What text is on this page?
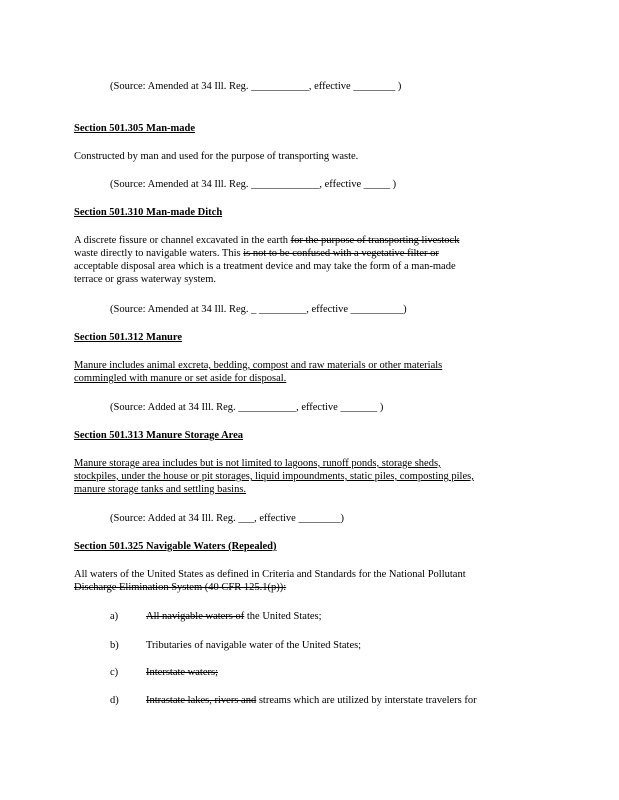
(Source: Amended at 34 Ill. Reg. ___________, effective ________ )
Section 501.305 Man-made
Constructed by man and used for the purpose of transporting waste.
(Source: Amended at 34 Ill. Reg. _____________, effective _____ )
Section 501.310 Man-made Ditch
A discrete fissure or channel excavated in the earth for the purpose of transporting livestock
waste directly to navigable waters. This is not to be confused with a vegetative filter or
acceptable disposal area which is a treatment device and may take the form of a man-made
terrace or grass waterway system.
(Source: Amended at 34 Ill. Reg. _ _________, effective __________)
Section 501.312 Manure
Manure includes animal excreta, bedding, compost and raw materials or other materials
commingled with manure or set aside for disposal.
(Source: Added at 34 Ill. Reg. ___________, effective _______ )
Section 501.313 Manure Storage Area
Manure storage area includes but is not limited to lagoons, runoff ponds, storage sheds,
stockpiles, under the house or pit storages, liquid impoundments, static piles, composting piles,
manure storage tanks and settling basins.
(Source: Added at 34 Ill. Reg. ___, effective ________)
Section 501.325 Navigable Waters (Repealed)
All waters of the United States as defined in Criteria and Standards for the National Pollutant
Discharge Elimination System (40 CFR 125.1(p)):
a)	All navigable waters of the United States;
b)	Tributaries of navigable water of the United States;
c)	Interstate waters;
d)	Intrastate lakes, rivers and streams which are utilized by interstate travelers for
